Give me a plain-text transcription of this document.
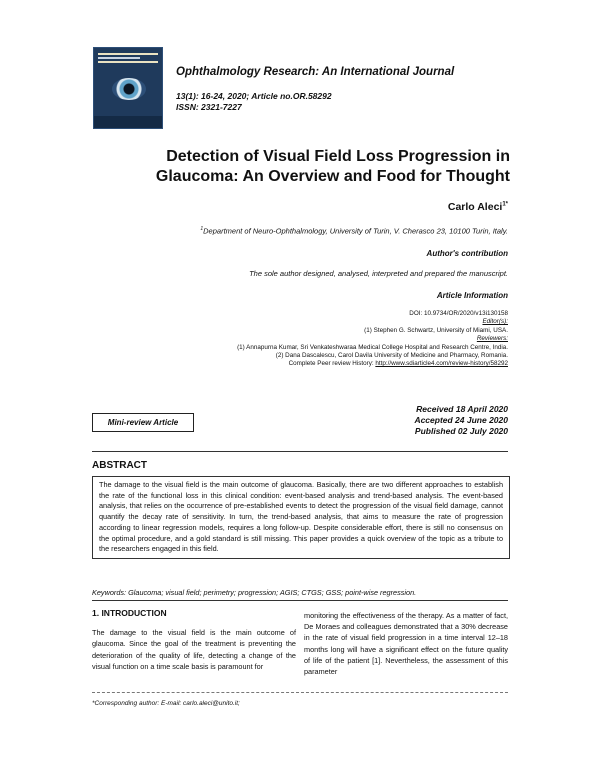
Ophthalmology Research: An International Journal
13(1): 16-24, 2020; Article no.OR.58292
ISSN: 2321-7227
Detection of Visual Field Loss Progression in
Glaucoma: An Overview and Food for Thought
Carlo Aleci$^{1*}$
$^1$Department of Neuro-Ophthalmology, University of Turin, V. Cherasco 23, 10100 Turin, Italy.
Author's contribution
The sole author designed, analysed, interpreted and prepared the manuscript.
Article Information
DOI: 10.9734/OR/2020/v13i130158
Editor(s):
(1) Stephen G. Schwartz, University of Miami, USA.
Reviewers:
(1) Annapurna Kumar, Sri Venkateshwaraa Medical College Hospital and Research Centre, India.
(2) Dana Dascalescu, Carol Davila University of Medicine and Pharmacy, Romania.
Complete Peer review History: http://www.sdiarticle4.com/review-history/58292
Mini-review Article
Received 18 April 2020
Accepted 24 June 2020
Published 02 July 2020
ABSTRACT
The damage to the visual field is the main outcome of glaucoma. Basically, there are two different approaches to establish the rate of the functional loss in this clinical condition: event-based analysis and trend-based analysis. The event-based analysis, that relies on the occurrence of pre-established events to detect the progression of the visual field damage, cannot quantify the decay rate of sensitivity. In turn, the trend-based analysis, that aims to measure the rate of progression according to linear regression models, requires a long follow-up. Despite considerable effort, there is still no consensus on the optimal procedure, and a gold standard is still missing. This paper provides a quick overview of the topic as a tribute to the researchers engaged in this field.
Keywords: Glaucoma; visual field; perimetry; progression; AGIS; CTGS; GSS; point-wise regression.
1. INTRODUCTION
The damage to the visual field is the main outcome of glaucoma. Since the goal of the treatment is preventing the deterioration of the quality of life, detecting a change of the visual function on a time scale basis is paramount for
monitoring the effectiveness of the therapy. As a matter of fact, De Moraes and colleagues demonstrated that a 30% decrease in the rate of visual field progression in a time interval 12–18 months long will have a significant effect on the future quality of life of the patient [1]. Nevertheless, the assessment of this parameter
*Corresponding author: E-mail: carlo.aleci@unito.it;
